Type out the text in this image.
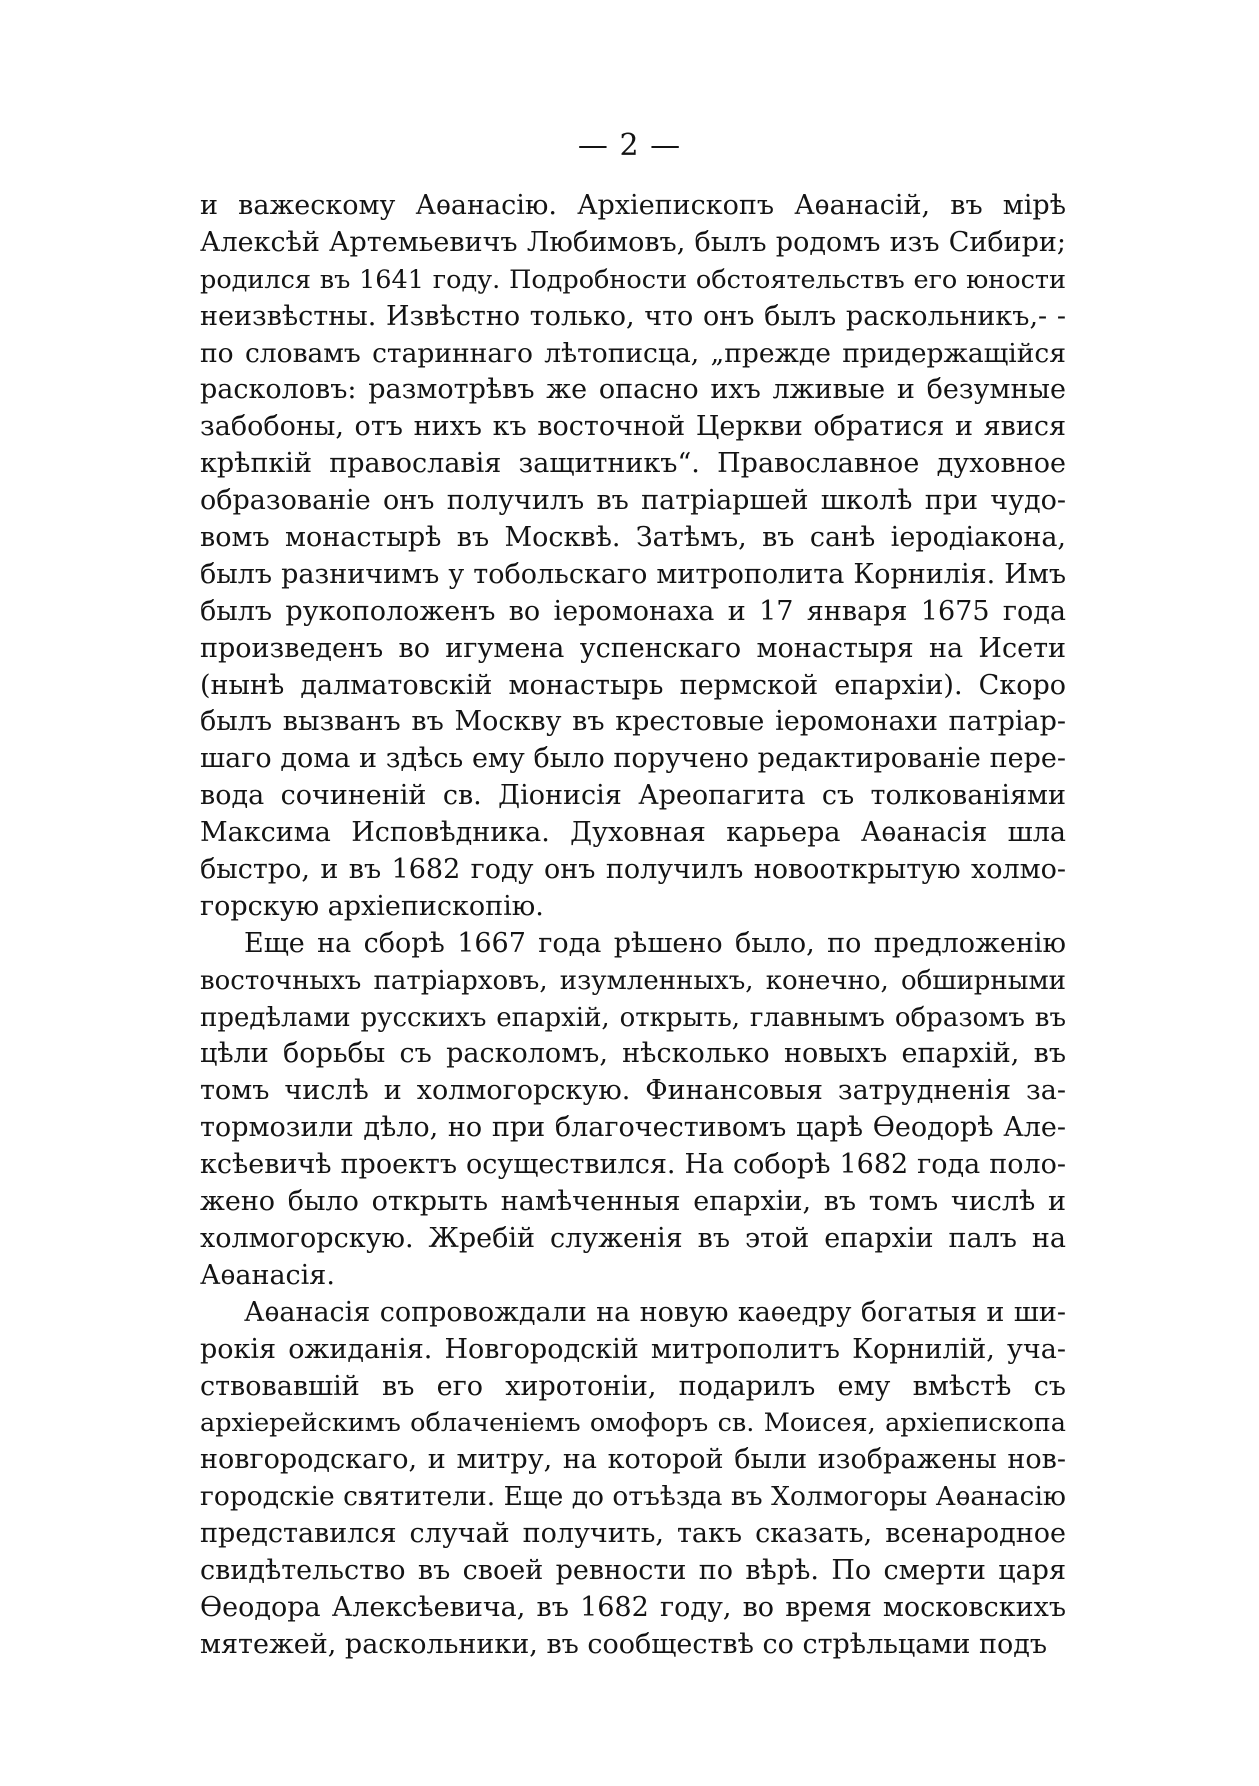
— 2 —
и важескому Аѳанасію. Архіепископъ Аѳанасій, въ мірѣ
Алексѣй Артемьевичъ Любимовъ, былъ родомъ изъ Сибири;
родился въ 1641 году. Подробности обстоятельствъ его юности
неизвѣстны. Извѣстно только, что онъ былъ раскольникъ,- -
по словамъ стариннаго лѣтописца, „прежде придержащійся
расколовъ: размотрѣвъ же опасно ихъ лживые и безумные
забобоны, отъ нихъ къ восточной Церкви обратися и явися
крѣпкій православія защитникъ“. Православное духовное
образованіе онъ получилъ въ патріаршей школѣ при чудо-
вомъ монастырѣ въ Москвѣ. Затѣмъ, въ санѣ іеродіакона,
былъ разничимъ у тобольскаго митрополита Корнилія. Имъ
былъ рукоположенъ во іеромонаха и 17 января 1675 года
произведенъ во игумена успенскаго монастыря на Исети
(нынѣ далматовскій монастырь пермской епархіи). Скоро
былъ вызванъ въ Москву въ крестовые іеромонахи патріар-
шаго дома и здѣсь ему было поручено редактированіе пере-
вода сочиненій св. Діонисія Ареопагита съ толкованіями
Максима Исповѣдника. Духовная карьера Аѳанасія шла
быстро, и въ 1682 году онъ получилъ новооткрытую холмо-
горскую архіепископію.
Еще на сборѣ 1667 года рѣшено было, по предложенію
восточныхъ патріарховъ, изумленныхъ, конечно, обширными
предѣлами русскихъ епархій, открыть, главнымъ образомъ въ
цѣли борьбы съ расколомъ, нѣсколько новыхъ епархій, въ
томъ числѣ и холмогорскую. Финансовыя затрудненія за-
тормозили дѣло, но при благочестивомъ царѣ Ѳеодорѣ Але-
ксѣевичѣ проектъ осуществился. На соборѣ 1682 года поло-
жено было открыть намѣченныя епархіи, въ томъ числѣ и
холмогорскую. Жребій служенія въ этой епархіи палъ на
Аѳанасія.
Аѳанасія сопровождали на новую каѳедру богатыя и ши-
рокія ожиданія. Новгородскій митрополитъ Корнилій, уча-
ствовавшій въ его хиротоніи, подарилъ ему вмѣстѣ съ
архіерейскимъ облаченіемъ омофоръ св. Моисея, архіепископа
новгородскаго, и митру, на которой были изображены нов-
городскіе святители. Еще до отъѣзда въ Холмогоры Аѳанасію
представился случай получить, такъ сказать, всенародное
свидѣтельство въ своей ревности по вѣрѣ. По смерти царя
Ѳеодора Алексѣевича, въ 1682 году, во время московскихъ
мятежей, раскольники, въ сообществѣ со стрѣльцами подъ
